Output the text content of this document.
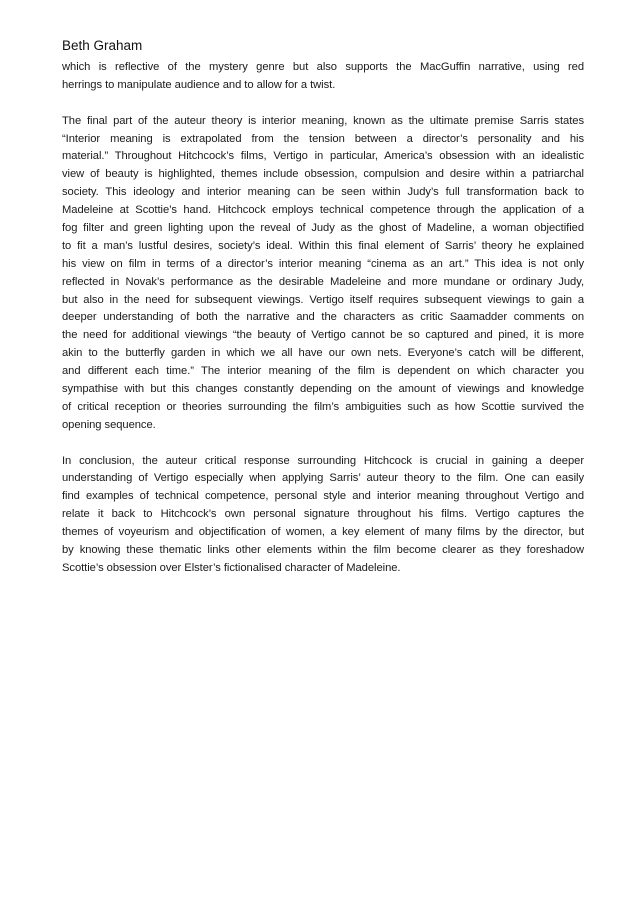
Beth Graham
which is reflective of the mystery genre but also supports the MacGuffin narrative, using red
herrings to manipulate audience and to allow for a twist.
The final part of the auteur theory is interior meaning, known as the ultimate premise Sarris states
“Interior meaning is extrapolated from the tension between a director’s personality and his
material.” Throughout Hitchcock’s films, Vertigo in particular, America’s obsession with an idealistic
view of beauty is highlighted, themes include obsession, compulsion and desire within a patriarchal
society. This ideology and interior meaning can be seen within Judy’s full transformation back to
Madeleine at Scottie’s hand. Hitchcock employs technical competence through the application of a
fog filter and green lighting upon the reveal of Judy as the ghost of Madeline, a woman objectified
to fit a man’s lustful desires, society’s ideal. Within this final element of Sarris’ theory he explained
his view on film in terms of a director’s interior meaning “cinema as an art.” This idea is not only
reflected in Novak’s performance as the desirable Madeleine and more mundane or ordinary Judy,
but also in the need for subsequent viewings. Vertigo itself requires subsequent viewings to gain a
deeper understanding of both the narrative and the characters as critic Saamadder comments on
the need for additional viewings “the beauty of Vertigo cannot be so captured and pined, it is more
akin to the butterfly garden in which we all have our own nets. Everyone’s catch will be different,
and different each time.” The interior meaning of the film is dependent on which character you
sympathise with but this changes constantly depending on the amount of viewings and knowledge
of critical reception or theories surrounding the film’s ambiguities such as how Scottie survived the
opening sequence.
In conclusion, the auteur critical response surrounding Hitchcock is crucial in gaining a deeper
understanding of Vertigo especially when applying Sarris’ auteur theory to the film. One can easily
find examples of technical competence, personal style and interior meaning throughout Vertigo and
relate it back to Hitchcock’s own personal signature throughout his films. Vertigo captures the
themes of voyeurism and objectification of women, a key element of many films by the director, but
by knowing these thematic links other elements within the film become clearer as they foreshadow
Scottie’s obsession over Elster’s fictionalised character of Madeleine.
